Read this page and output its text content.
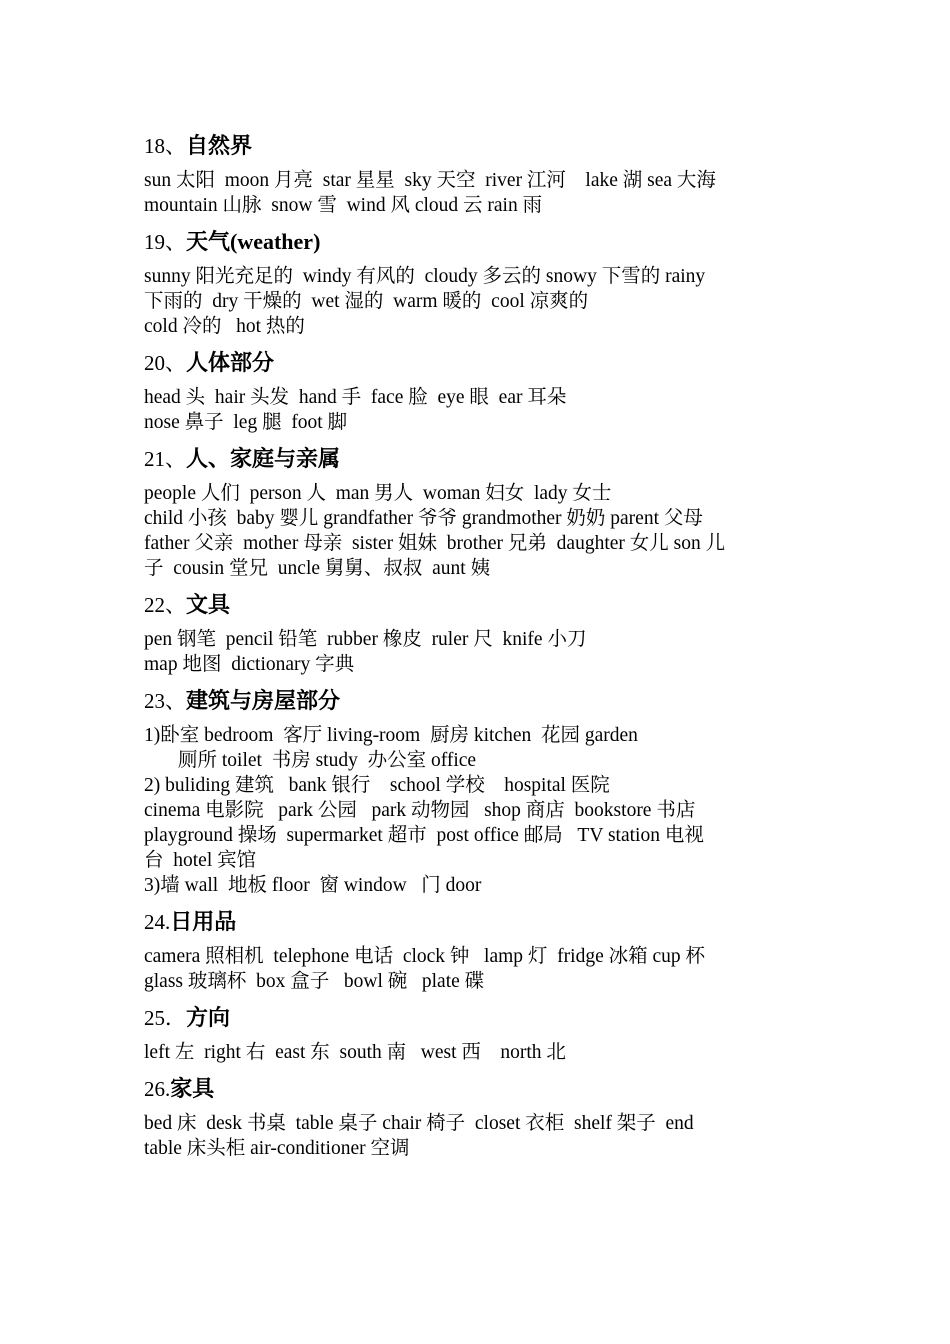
18、自然界
sun 太阳  moon 月亮  star 星星  sky 天空  river 江河    lake 湖 sea 大海
mountain 山脉  snow 雪  wind 风 cloud 云 rain 雨
19、天气(weather)
sunny 阳光充足的  windy 有风的  cloudy 多云的 snowy 下雪的 rainy
下雨的  dry 干燥的  wet 湿的  warm 暖的  cool 凉爽的
cold 冷的   hot 热的
20、人体部分
head 头  hair 头发  hand 手  face 脸  eye 眼  ear 耳朵
nose 鼻子  leg 腿  foot 脚
21、人、家庭与亲属
people 人们  person 人  man 男人  woman 妇女  lady 女士
child 小孩  baby 婴儿 grandfather 爷爷 grandmother 奶奶 parent 父母
father 父亲  mother 母亲  sister 姐妹  brother 兄弟  daughter 女儿 son 儿
子  cousin 堂兄  uncle 舅舅、叔叔  aunt 姨
22、文具
pen 钢笔  pencil 铅笔  rubber 橡皮  ruler 尺  knife 小刀
map 地图  dictionary 字典
23、建筑与房屋部分
1)卧室 bedroom  客厅 living-room  厨房 kitchen  花园 garden
厕所 toilet  书房 study  办公室 office
2) buliding 建筑   bank 银行    school 学校    hospital 医院
cinema 电影院   park 公园   park 动物园   shop 商店  bookstore 书店
playground 操场  supermarket 超市  post office 邮局   TV station 电视
台  hotel 宾馆
3)墙 wall  地板 floor  窗 window   门 door
24.日用品
camera 照相机  telephone 电话  clock 钟   lamp 灯  fridge 冰箱 cup 杯
glass 玻璃杯  box 盒子   bowl 碗   plate 碟
25．方向
left 左  right 右  east 东  south 南   west 西    north 北
26.家具
bed 床  desk 书桌  table 桌子 chair 椅子  closet 衣柜  shelf 架子  end
table 床头柜 air-conditioner 空调
